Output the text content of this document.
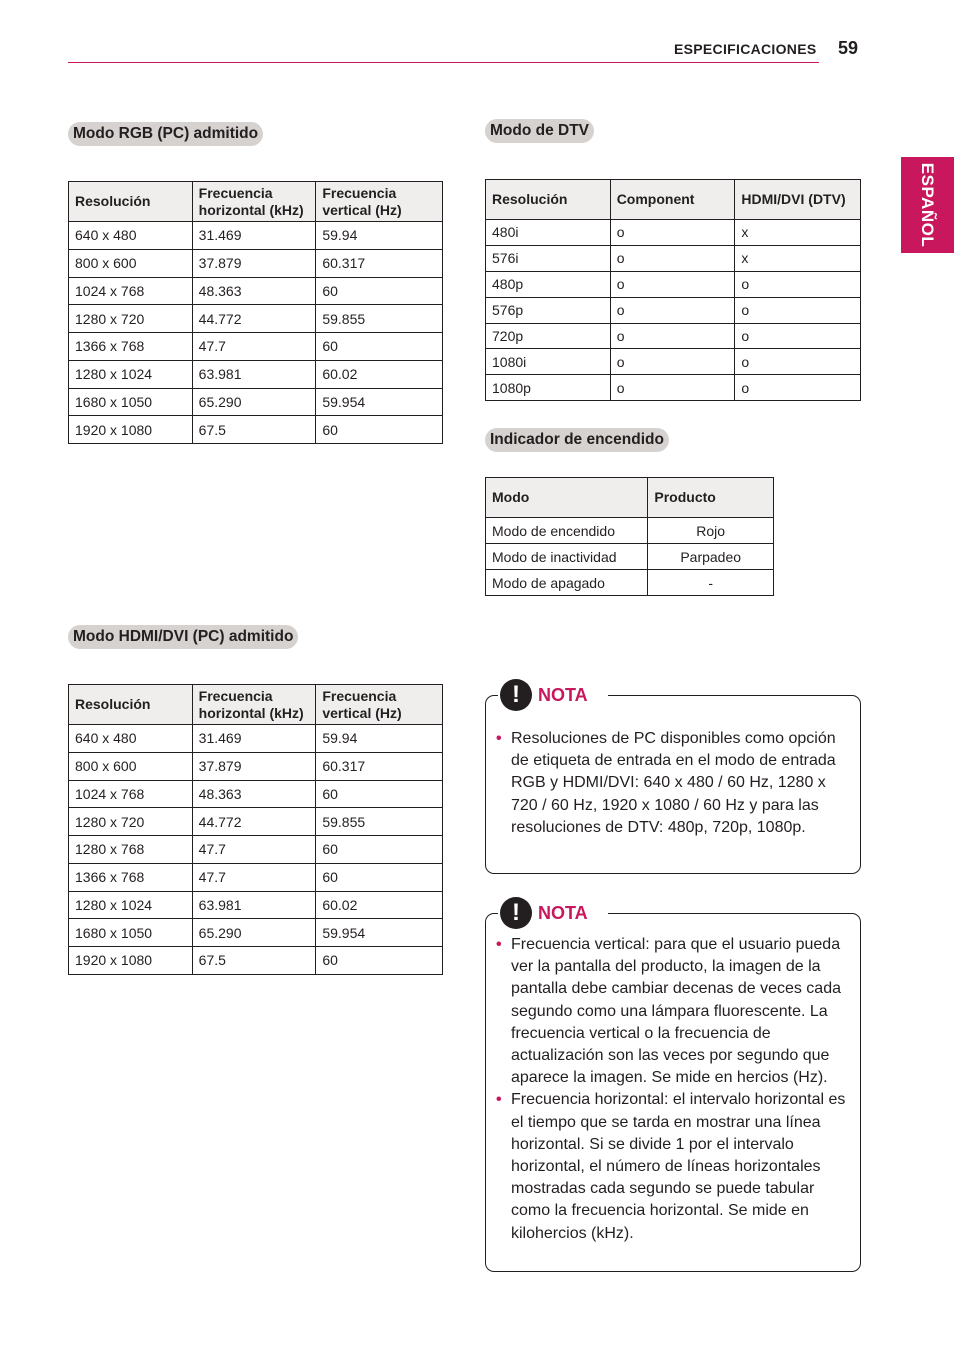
ESPECIFICACIONES 59
ESPAÑOL
Modo RGB (PC) admitido
Resolución	Frecuencia horizontal (kHz)	Frecuencia vertical (Hz)
640 x 480	31.469	59.94
800 x 600	37.879	60.317
1024 x 768	48.363	60
1280 x 720	44.772	59.855
1366 x 768	47.7	60
1280 x 1024	63.981	60.02
1680 x 1050	65.290	59.954
1920 x 1080	67.5	60
Modo HDMI/DVI (PC) admitido
Resolución	Frecuencia horizontal (kHz)	Frecuencia vertical (Hz)
640 x 480	31.469	59.94
800 x 600	37.879	60.317
1024 x 768	48.363	60
1280 x 720	44.772	59.855
1280 x 768	47.7	60
1366 x 768	47.7	60
1280 x 1024	63.981	60.02
1680 x 1050	65.290	59.954
1920 x 1080	67.5	60
Modo de DTV
Resolución	Component	HDMI/DVI (DTV)
480i	o	x
576i	o	x
480p	o	o
576p	o	o
720p	o	o
1080i	o	o
1080p	o	o
Indicador de encendido
Modo	Producto
Modo de encendido	Rojo
Modo de inactividad	Parpadeo
Modo de apagado	-
• Resoluciones de PC disponibles como opción de etiqueta de entrada en el modo de entrada RGB y HDMI/DVI: 640 x 480 / 60 Hz, 1280 x 720 / 60 Hz, 1920 x 1080 / 60 Hz y para las resoluciones de DTV: 480p, 720p, 1080p.
!	NOTA
• Frecuencia vertical: para que el usuario pueda ver la pantalla del producto, la imagen de la pantalla debe cambiar decenas de veces cada segundo como una lámpara fluorescente. La frecuencia vertical o la frecuencia de actualización son las veces por segundo que aparece la imagen. Se mide en hercios (Hz).
• Frecuencia horizontal: el intervalo horizontal es el tiempo que se tarda en mostrar una línea horizontal. Si se divide 1 por el intervalo horizontal, el número de líneas horizontales mostradas cada segundo se puede tabular como la frecuencia horizontal. Se mide en kilohercios (kHz).
!	NOTA
